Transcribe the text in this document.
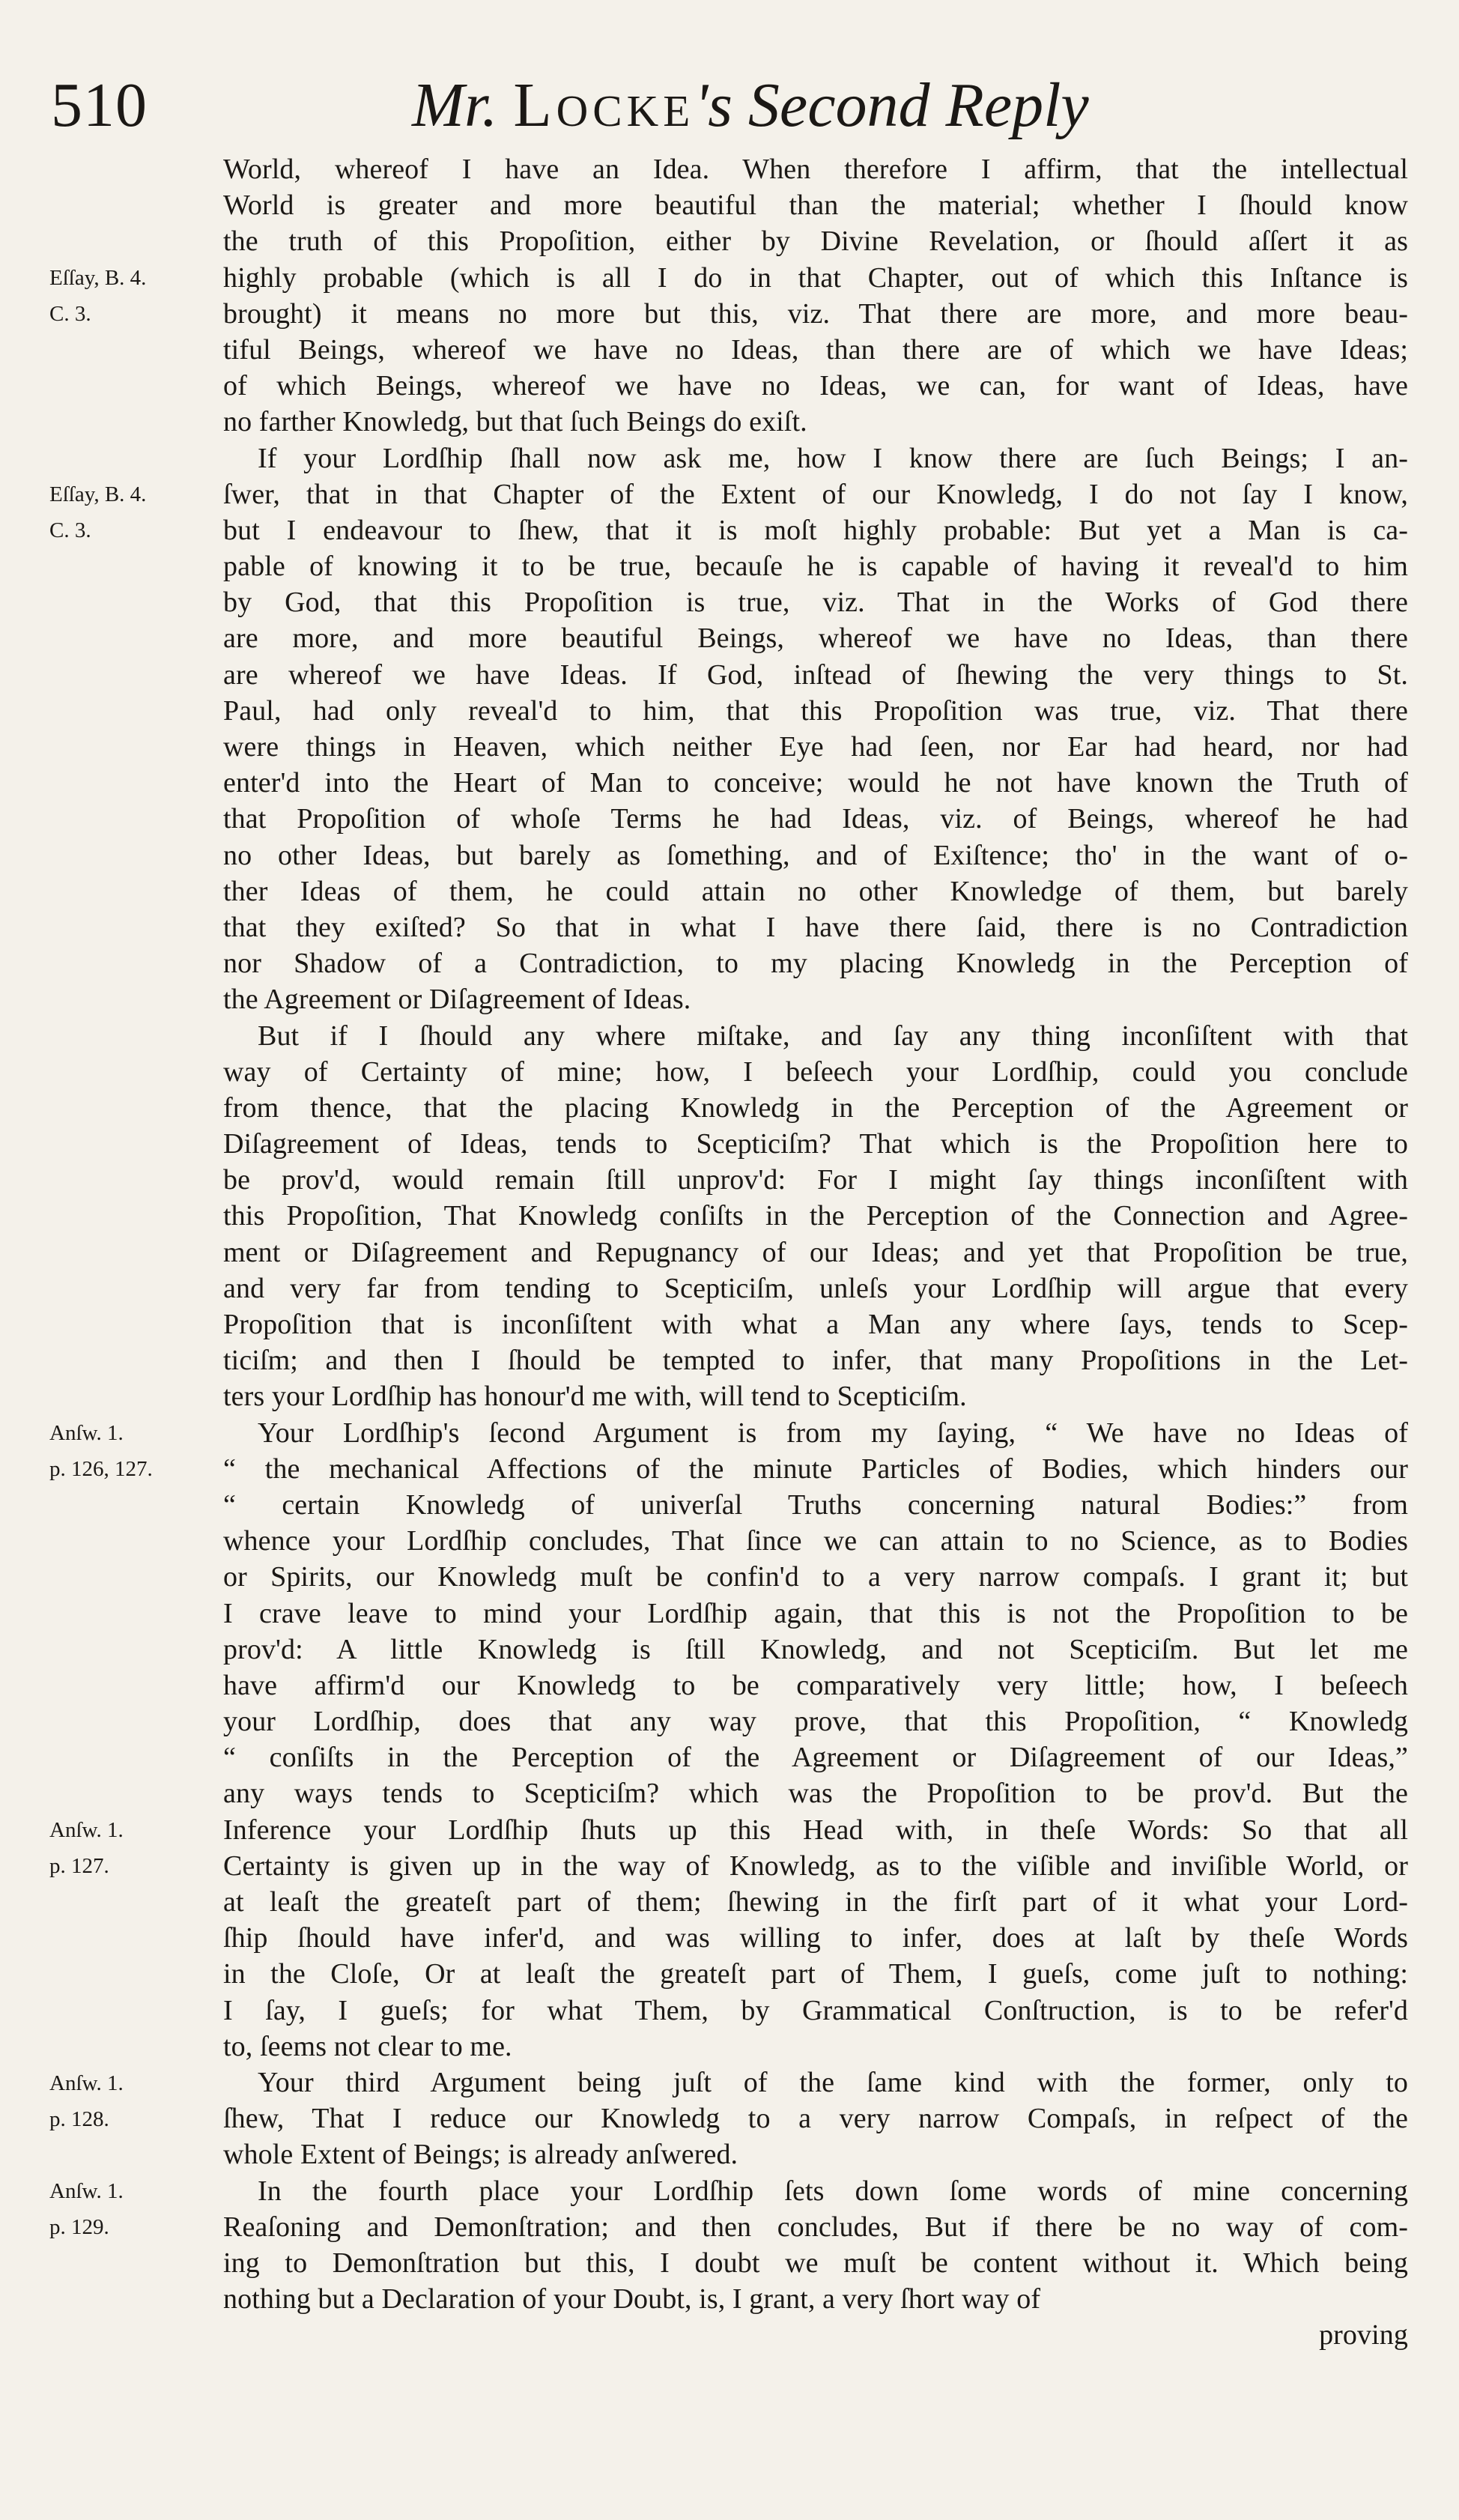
510	Mr. Locke's Second Reply
World, whereof I have an Idea. When therefore I affirm, that the intellectual
World is greater and more beautiful than the material; whether I ſhould know
the truth of this Propoſition, either by Divine Revelation, or ſhould aſſert it as
highly probable (which is all I do in that Chapter, out of which this Inſtance is
brought) it means no more but this, viz. That there are more, and more beau-
tiful Beings, whereof we have no Ideas, than there are of which we have Ideas;
of which Beings, whereof we have no Ideas, we can, for want of Ideas, have
no farther Knowledg, but that ſuch Beings do exiſt.
If your Lordſhip ſhall now ask me, how I know there are ſuch Beings; I an-
ſwer, that in that Chapter of the Extent of our Knowledg, I do not ſay I know,
but I endeavour to ſhew, that it is moſt highly probable: But yet a Man is ca-
pable of knowing it to be true, becauſe he is capable of having it reveal'd to him
by God, that this Propoſition is true, viz. That in the Works of God there
are more, and more beautiful Beings, whereof we have no Ideas, than there
are whereof we have Ideas. If God, inſtead of ſhewing the very things to St.
Paul, had only reveal'd to him, that this Propoſition was true, viz. That there
were things in Heaven, which neither Eye had ſeen, nor Ear had heard, nor had
enter'd into the Heart of Man to conceive; would he not have known the Truth of
that Propoſition of whoſe Terms he had Ideas, viz. of Beings, whereof he had
no other Ideas, but barely as ſomething, and of Exiſtence; tho' in the want of o-
ther Ideas of them, he could attain no other Knowledge of them, but barely
that they exiſted? So that in what I have there ſaid, there is no Contradiction
nor Shadow of a Contradiction, to my placing Knowledg in the Perception of
the Agreement or Diſagreement of Ideas.
But if I ſhould any where miſtake, and ſay any thing inconſiſtent with that
way of Certainty of mine; how, I beſeech your Lordſhip, could you conclude
from thence, that the placing Knowledg in the Perception of the Agreement or
Diſagreement of Ideas, tends to Scepticiſm? That which is the Propoſition here to
be prov'd, would remain ſtill unprov'd: For I might ſay things inconſiſtent with
this Propoſition, That Knowledg conſiſts in the Perception of the Connection and Agree-
ment or Diſagreement and Repugnancy of our Ideas; and yet that Propoſition be true,
and very far from tending to Scepticiſm, unleſs your Lordſhip will argue that every
Propoſition that is inconſiſtent with what a Man any where ſays, tends to Scep-
ticiſm; and then I ſhould be tempted to infer, that many Propoſitions in the Let-
ters your Lordſhip has honour'd me with, will tend to Scepticiſm.
Your Lordſhip's ſecond Argument is from my ſaying, “ We have no Ideas of
“ the mechanical Affections of the minute Particles of Bodies, which hinders our
“ certain Knowledg of univerſal Truths concerning natural Bodies:” from
whence your Lordſhip concludes, That ſince we can attain to no Science, as to Bodies
or Spirits, our Knowledg muſt be confin'd to a very narrow compaſs. I grant it; but
I crave leave to mind your Lordſhip again, that this is not the Propoſition to be
prov'd: A little Knowledg is ſtill Knowledg, and not Scepticiſm. But let me
have affirm'd our Knowledg to be comparatively very little; how, I beſeech
your Lordſhip, does that any way prove, that this Propoſition, “ Knowledg
“ conſiſts in the Perception of the Agreement or Diſagreement of our Ideas,”
any ways tends to Scepticiſm? which was the Propoſition to be prov'd. But the
Inference your Lordſhip ſhuts up this Head with, in theſe Words: So that all
Certainty is given up in the way of Knowledg, as to the viſible and inviſible World, or
at leaſt the greateſt part of them; ſhewing in the firſt part of it what your Lord-
ſhip ſhould have infer'd, and was willing to infer, does at laſt by theſe Words
in the Cloſe, Or at leaſt the greateſt part of Them, I gueſs, come juſt to nothing:
I ſay, I gueſs; for what Them, by Grammatical Conſtruction, is to be refer'd
to, ſeems not clear to me.
Your third Argument being juſt of the ſame kind with the former, only to
ſhew, That I reduce our Knowledg to a very narrow Compaſs, in reſpect of the
whole Extent of Beings; is already anſwered.
In the fourth place your Lordſhip ſets down ſome words of mine concerning
Reaſoning and Demonſtration; and then concludes, But if there be no way of com-
ing to Demonſtration but this, I doubt we muſt be content without it. Which being
nothing but a Declaration of your Doubt, is, I grant, a very ſhort way of
proving
Eſſay, B. 4.
C. 3.
Eſſay, B. 4.
C. 3.
Anſw. 1.
p. 126, 127.
Anſw. 1.
p. 127.
Anſw. 1.
p. 128.
Anſw. 1.
p. 129.
